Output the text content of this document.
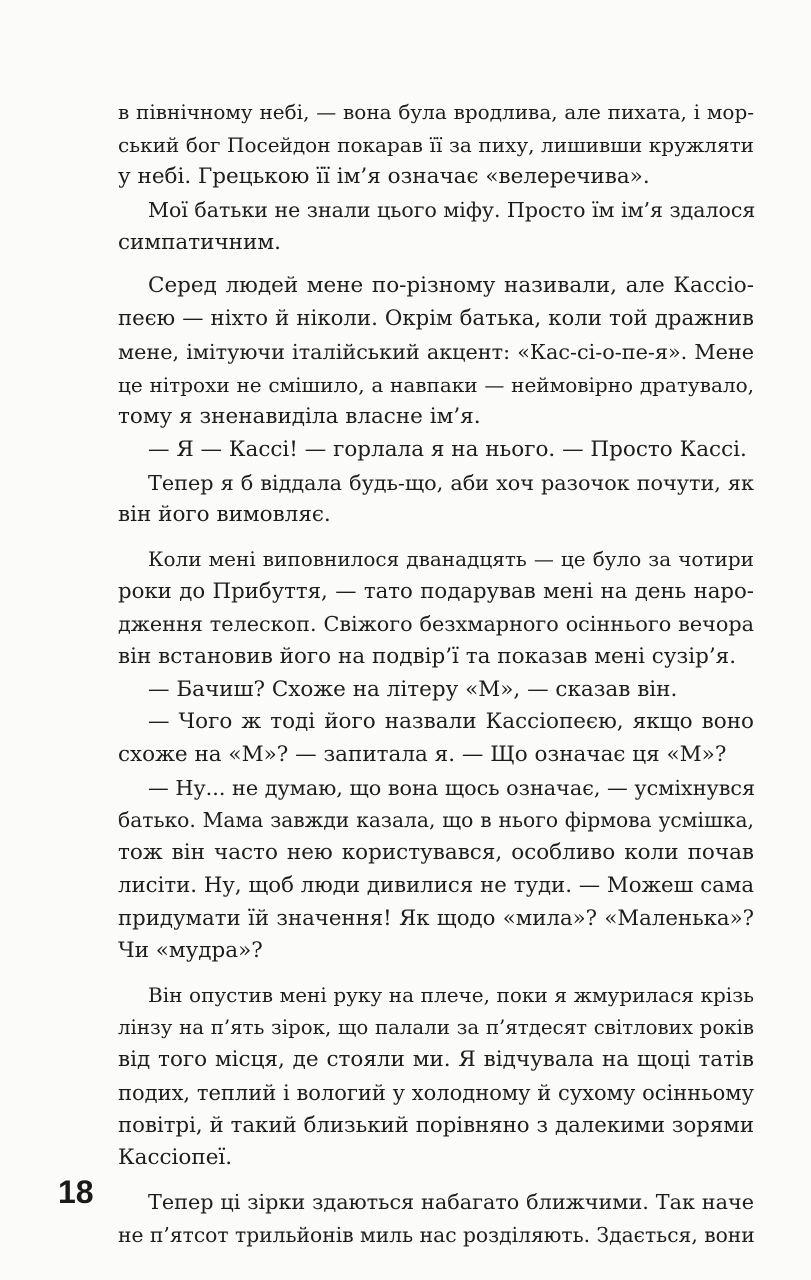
в північному небі, — вона була вродлива, але пихата, і мор-
ський бог Посейдон покарав її за пиху, лишивши кружляти
у небі. Грецькою її ім’я означає «велеречива».

Мої батьки не знали цього міфу. Просто їм ім’я здалося
симпатичним.

Серед людей мене по-різному називали, але Кассіо-
пеєю — ніхто й ніколи. Окрім батька, коли той дражнив
мене, імітуючи італійський акцент: «Кас-сі-о-пе-я». Мене
це нітрохи не смішило, а навпаки — неймовірно дратувало,
тому я зненавиділа власне ім’я.

— Я — Кассі! — горлала я на нього. — Просто Кассі.

Тепер я б віддала будь-що, аби хоч разочок почути, як
він його вимовляє.

Коли мені виповнилося дванадцять — це було за чотири
роки до Прибуття, — тато подарував мені на день наро-
дження телескоп. Свіжого безхмарного осіннього вечора
він встановив його на подвір’ї та показав мені сузір’я.

— Бачиш? Схоже на літеру «М», — сказав він.

— Чого ж тоді його назвали Кассіопеєю, якщо воно
схоже на «М»? — запитала я. — Що означає ця «М»?

— Ну... не думаю, що вона щось означає, — усміхнувся
батько. Мама завжди казала, що в нього фірмова усмішка,
тож він часто нею користувався, особливо коли почав
лисіти. Ну, щоб люди дивилися не туди. — Можеш сама
придумати їй значення! Як щодо «мила»? «Маленька»?
Чи «мудра»?

Він опустив мені руку на плече, поки я жмурилася крізь
лінзу на п’ять зірок, що палали за п’ятдесят світлових років
від того місця, де стояли ми. Я відчувала на щоці татів
подих, теплий і вологий у холодному й сухому осінньому
повітрі, й такий близький порівняно з далекими зорями
Кассіопеї.

Тепер ці зірки здаються набагато ближчими. Так наче
не п’ятсот трильйонів миль нас розділяють. Здається, вони

18
